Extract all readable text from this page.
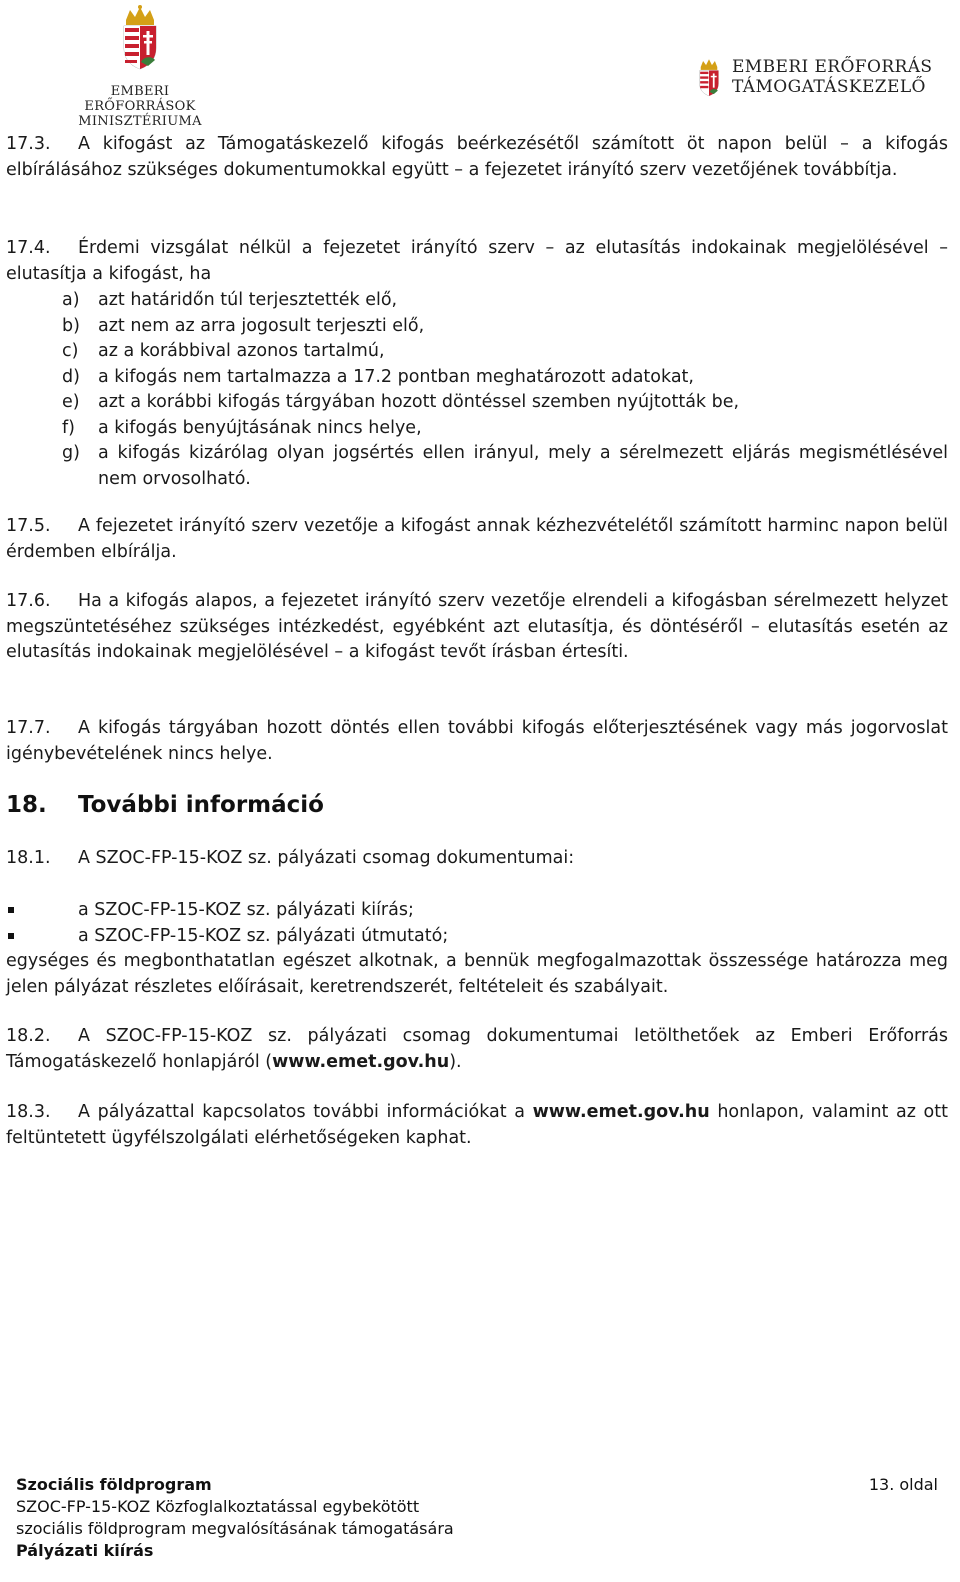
EMBERI ERŐFORRÁSOK
MINISZTÉRIUMA
EMBERI ERŐFORRÁS
TÁMOGATÁSKEZELŐ
17.3. A kifogást az Támogatáskezelő kifogás beérkezésétől számított öt napon belül – a kifogás elbírálásához szükséges dokumentumokkal együtt – a fejezetet irányító szerv vezetőjének továbbítja.
17.4. Érdemi vizsgálat nélkül a fejezetet irányító szerv – az elutasítás indokainak megjelölésével – elutasítja a kifogást, ha
a)	azt határidőn túl terjesztették elő,
b)	azt nem az arra jogosult terjeszti elő,
c)	az a korábbival azonos tartalmú,
d)	a kifogás nem tartalmazza a 17.2 pontban meghatározott adatokat,
e)	azt a korábbi kifogás tárgyában hozott döntéssel szemben nyújtották be,
f)	a kifogás benyújtásának nincs helye,
g)	a kifogás kizárólag olyan jogsértés ellen irányul, mely a sérelmezett eljárás megismétlésével nem orvosolható.
17.5. A fejezetet irányító szerv vezetője a kifogást annak kézhezvételétől számított harminc napon belül érdemben elbírálja.
17.6. Ha a kifogás alapos, a fejezetet irányító szerv vezetője elrendeli a kifogásban sérelmezett helyzet megszüntetéséhez szükséges intézkedést, egyébként azt elutasítja, és döntéséről – elutasítás esetén az elutasítás indokainak megjelölésével – a kifogást tevőt írásban értesíti.
17.7. A kifogás tárgyában hozott döntés ellen további kifogás előterjesztésének vagy más jogorvoslat igénybevételének nincs helye.
18. További információ
18.1. A SZOC-FP-15-KOZ sz. pályázati csomag dokumentumai:
a SZOC-FP-15-KOZ sz. pályázati kiírás;
a SZOC-FP-15-KOZ sz. pályázati útmutató;
egységes és megbonthatatlan egészet alkotnak, a bennük megfogalmazottak összessége határozza meg jelen pályázat részletes előírásait, keretrendszerét, feltételeit és szabályait.
18.2. A SZOC-FP-15-KOZ sz. pályázati csomag dokumentumai letölthetőek az Emberi Erőforrás Támogatáskezelő honlapjáról (www.emet.gov.hu).
18.3. A pályázattal kapcsolatos további információkat a www.emet.gov.hu honlapon, valamint az ott feltüntetett ügyfélszolgálati elérhetőségeken kaphat.
Szociális földprogram
SZOC-FP-15-KOZ Közfoglalkoztatással egybekötött
szociális földprogram megvalósításának támogatására
Pályázati kiírás
13. oldal
